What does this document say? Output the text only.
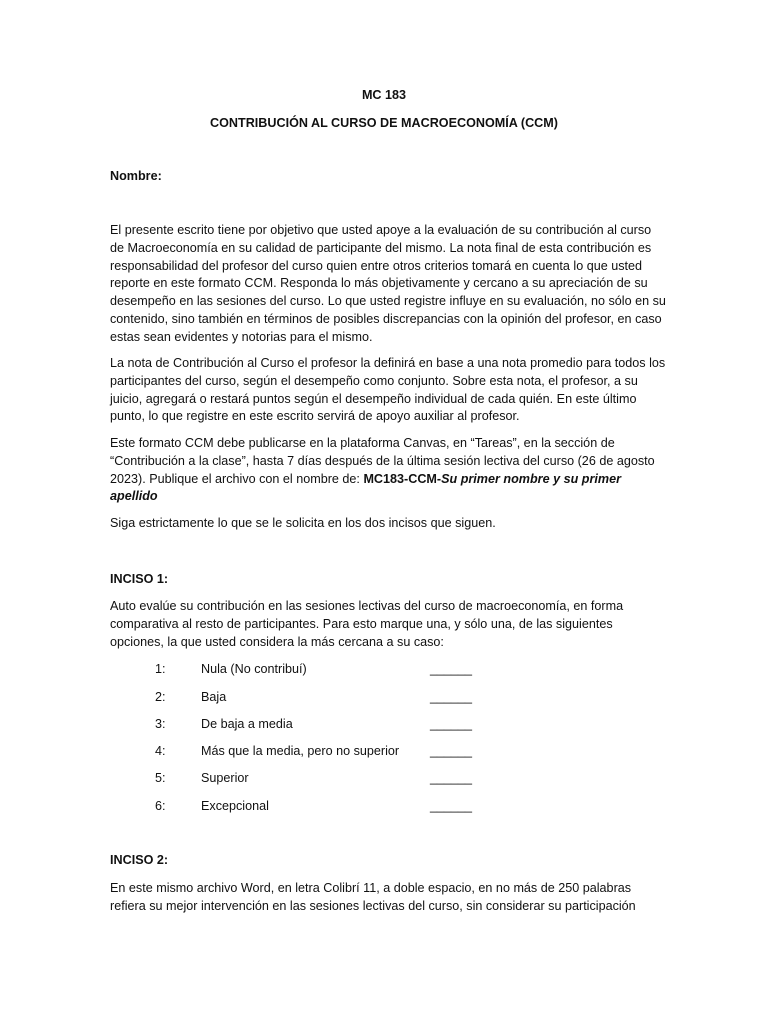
MC 183

CONTRIBUCIÓN AL CURSO DE MACROECONOMÍA (CCM)

Nombre:

El presente escrito tiene por objetivo que usted apoye a la evaluación de su contribución al curso de Macroeconomía en su calidad de participante del mismo. La nota final de esta contribución es responsabilidad del profesor del curso quien entre otros criterios tomará en cuenta lo que usted reporte en este formato CCM. Responda lo más objetivamente y cercano a su apreciación de su desempeño en las sesiones del curso. Lo que usted registre influye en su evaluación, no sólo en su contenido, sino también en términos de posibles discrepancias con la opinión del profesor, en caso estas sean evidentes y notorias para el mismo.

La nota de Contribución al Curso el profesor la definirá en base a una nota promedio para todos los participantes del curso, según el desempeño como conjunto. Sobre esta nota, el profesor, a su juicio, agregará o restará puntos según el desempeño individual de cada quién. En este último punto, lo que registre en este escrito servirá de apoyo auxiliar al profesor.

Este formato CCM debe publicarse en la plataforma Canvas, en “Tareas”, en la sección de “Contribución a la clase”, hasta 7 días después de la última sesión lectiva del curso (26 de agosto 2023). Publique el archivo con el nombre de: MC183-CCM-Su primer nombre y su primer apellido

Siga estrictamente lo que se le solicita en los dos incisos que siguen.

INCISO 1:

Auto evalúe su contribución en las sesiones lectivas del curso de macroeconomía, en forma comparativa al resto de participantes. Para esto marque una, y sólo una, de las siguientes opciones, la que usted considera la más cercana a su caso:

1:	Nula (No contribuí)	______
2:	Baja	______
3:	De baja a media	______
4:	Más que la media, pero no superior ______
5:	Superior	______
6:	Excepcional	______

INCISO 2:

En este mismo archivo Word, en letra Colibrí 11, a doble espacio, en no más de 250 palabras refiera su mejor intervención en las sesiones lectivas del curso, sin considerar su participación
